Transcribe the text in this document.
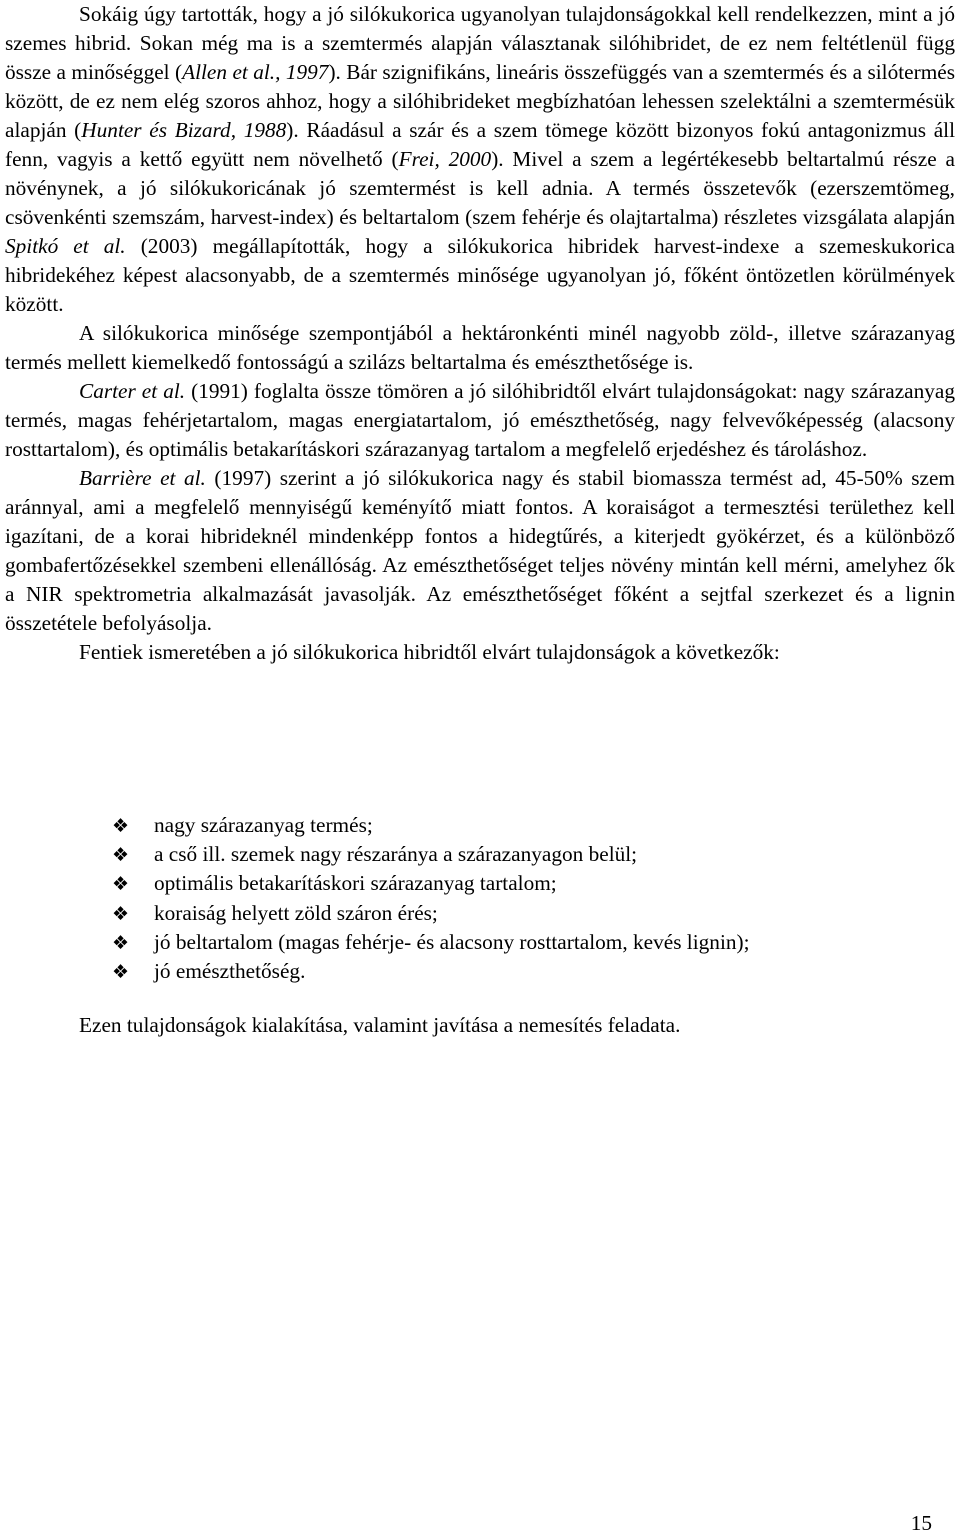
Sokáig úgy tartották, hogy a jó silókukorica ugyanolyan tulajdonságokkal kell rendelkezzen, mint a jó szemes hibrid. Sokan még ma is a szemtermés alapján választanak silóhibridet, de ez nem feltétlenül függ össze a minőséggel (Allen et al., 1997). Bár szignifikáns, lineáris összefüggés van a szemtermés és a silótermés között, de ez nem elég szoros ahhoz, hogy a silóhibrideket megbízhatóan lehessen szelektálni a szemtermésük alapján (Hunter és Bizard, 1988). Ráadásul a szár és a szem tömege között bizonyos fokú antagonizmus áll fenn, vagyis a kettő együtt nem növelhető (Frei, 2000). Mivel a szem a legértékesebb beltartalmú része a növénynek, a jó silókukoricának jó szemtermést is kell adnia. A termés összetevők (ezerszemtömeg, csövenkénti szemszám, harvest-index) és beltartalom (szem fehérje és olajtartalma) részletes vizsgálata alapján Spitkó et al. (2003) megállapították, hogy a silókukorica hibridek harvest-indexe a szemeskukorica hibridekéhez képest alacsonyabb, de a szemtermés minősége ugyanolyan jó, főként öntözetlen körülmények között.

A silókukorica minősége szempontjából a hektáronkénti minél nagyobb zöld-, illetve szárazanyag termés mellett kiemelkedő fontosságú a szilázs beltartalma és emészthetősége is.

Carter et al. (1991) foglalta össze tömören a jó silóhibridtől elvárt tulajdonságokat: nagy szárazanyag termés, magas fehérjetartalom, magas energiatartalom, jó emészthetőség, nagy felvevőképesség (alacsony rosttartalom), és optimális betakarításkori szárazanyag tartalom a megfelelő erjedéshez és tároláshoz.

Barrière et al. (1997) szerint a jó silókukorica nagy és stabil biomassza termést ad, 45-50% szem aránnyal, ami a megfelelő mennyiségű keményítő miatt fontos. A koraiságot a termesztési területhez kell igazítani, de a korai hibrideknél mindenképp fontos a hidegtűrés, a kiterjedt gyökérzet, és a különböző gombafertőzésekkel szembeni ellenállóság. Az emészthetőséget teljes növény mintán kell mérni, amelyhez ők a NIR spektrometria alkalmazását javasolják. Az emészthetőséget főként a sejtfal szerkezet és a lignin összetétele befolyásolja.

Fentiek ismeretében a jó silókukorica hibridtől elvárt tulajdonságok a következők:

❖ nagy szárazanyag termés;
❖ a cső ill. szemek nagy részaránya a szárazanyagon belül;
❖ optimális betakarításkori szárazanyag tartalom;
❖ koraiság helyett zöld száron érés;
❖ jó beltartalom (magas fehérje- és alacsony rosttartalom, kevés lignin);
❖ jó emészthetőség.

Ezen tulajdonságok kialakítása, valamint javítása a nemesítés feladata.

15
